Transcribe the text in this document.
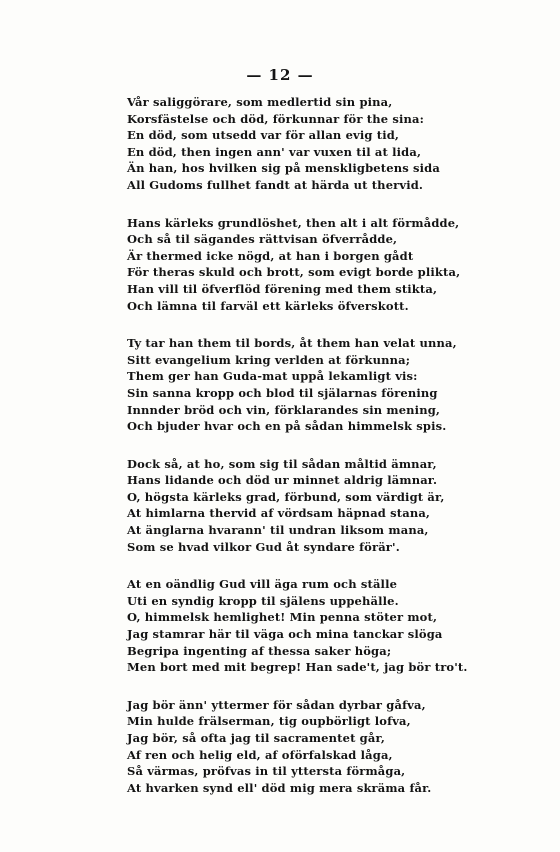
— 12 —
Vår saliggörare, som medlertid sin pina,
Korsfästelse och död, förkunnar för the sina:
En död, som utsedd var för allan evig tid,
En död, then ingen ann' var vuxen til at lida,
Än han, hos hvilken sig på menskligbetens sida
All Gudoms fullhet fandt at härda ut thervid.
Hans kärleks grundlöshet, then alt i alt förmådde,
Och så til sägandes rättvisan öfverrådde,
Är thermed icke nögd, at han i borgen gådt
För theras skuld och brott, som evigt borde plikta,
Han vill til öfverflöd förening med them stikta,
Och lämna til farväl ett kärleks öfverskott.
Ty tar han them til bords, åt them han velat unna,
Sitt evangelium kring verlden at förkunna;
Them ger han Guda-mat uppå lekamligt vis:
Sin sanna kropp och blod til själarnas förening
Innnder bröd och vin, förklarandes sin mening,
Och bjuder hvar och en på sådan himmelsk spis.
Dock så, at ho, som sig til sådan måltid ämnar,
Hans lidande och död ur minnet aldrig lämnar.
O, högsta kärleks grad, förbund, som värdigt är,
At himlarna thervid af vördsam häpnad stana,
At änglarna hvarann' til undran liksom mana,
Som se hvad vilkor Gud åt syndare förär'.
At en oändlig Gud vill äga rum och ställe
Uti en syndig kropp til själens uppehälle.
O, himmelsk hemlighet! Min penna stöter mot,
Jag stamrar här til väga och mina tanckar slöga
Begripa ingenting af thessa saker höga;
Men bort med mit begrep! Han sade't, jag bör tro't.
Jag bör änn' yttermer för sådan dyrbar gåfva,
Min hulde frälserman, tig oupbörligt lofva,
Jag bör, så ofta jag til sacramentet går,
Af ren och helig eld, af oförfalskad låga,
Så värmas, pröfvas in til yttersta förmåga,
At hvarken synd ell' död mig mera skräma får.
